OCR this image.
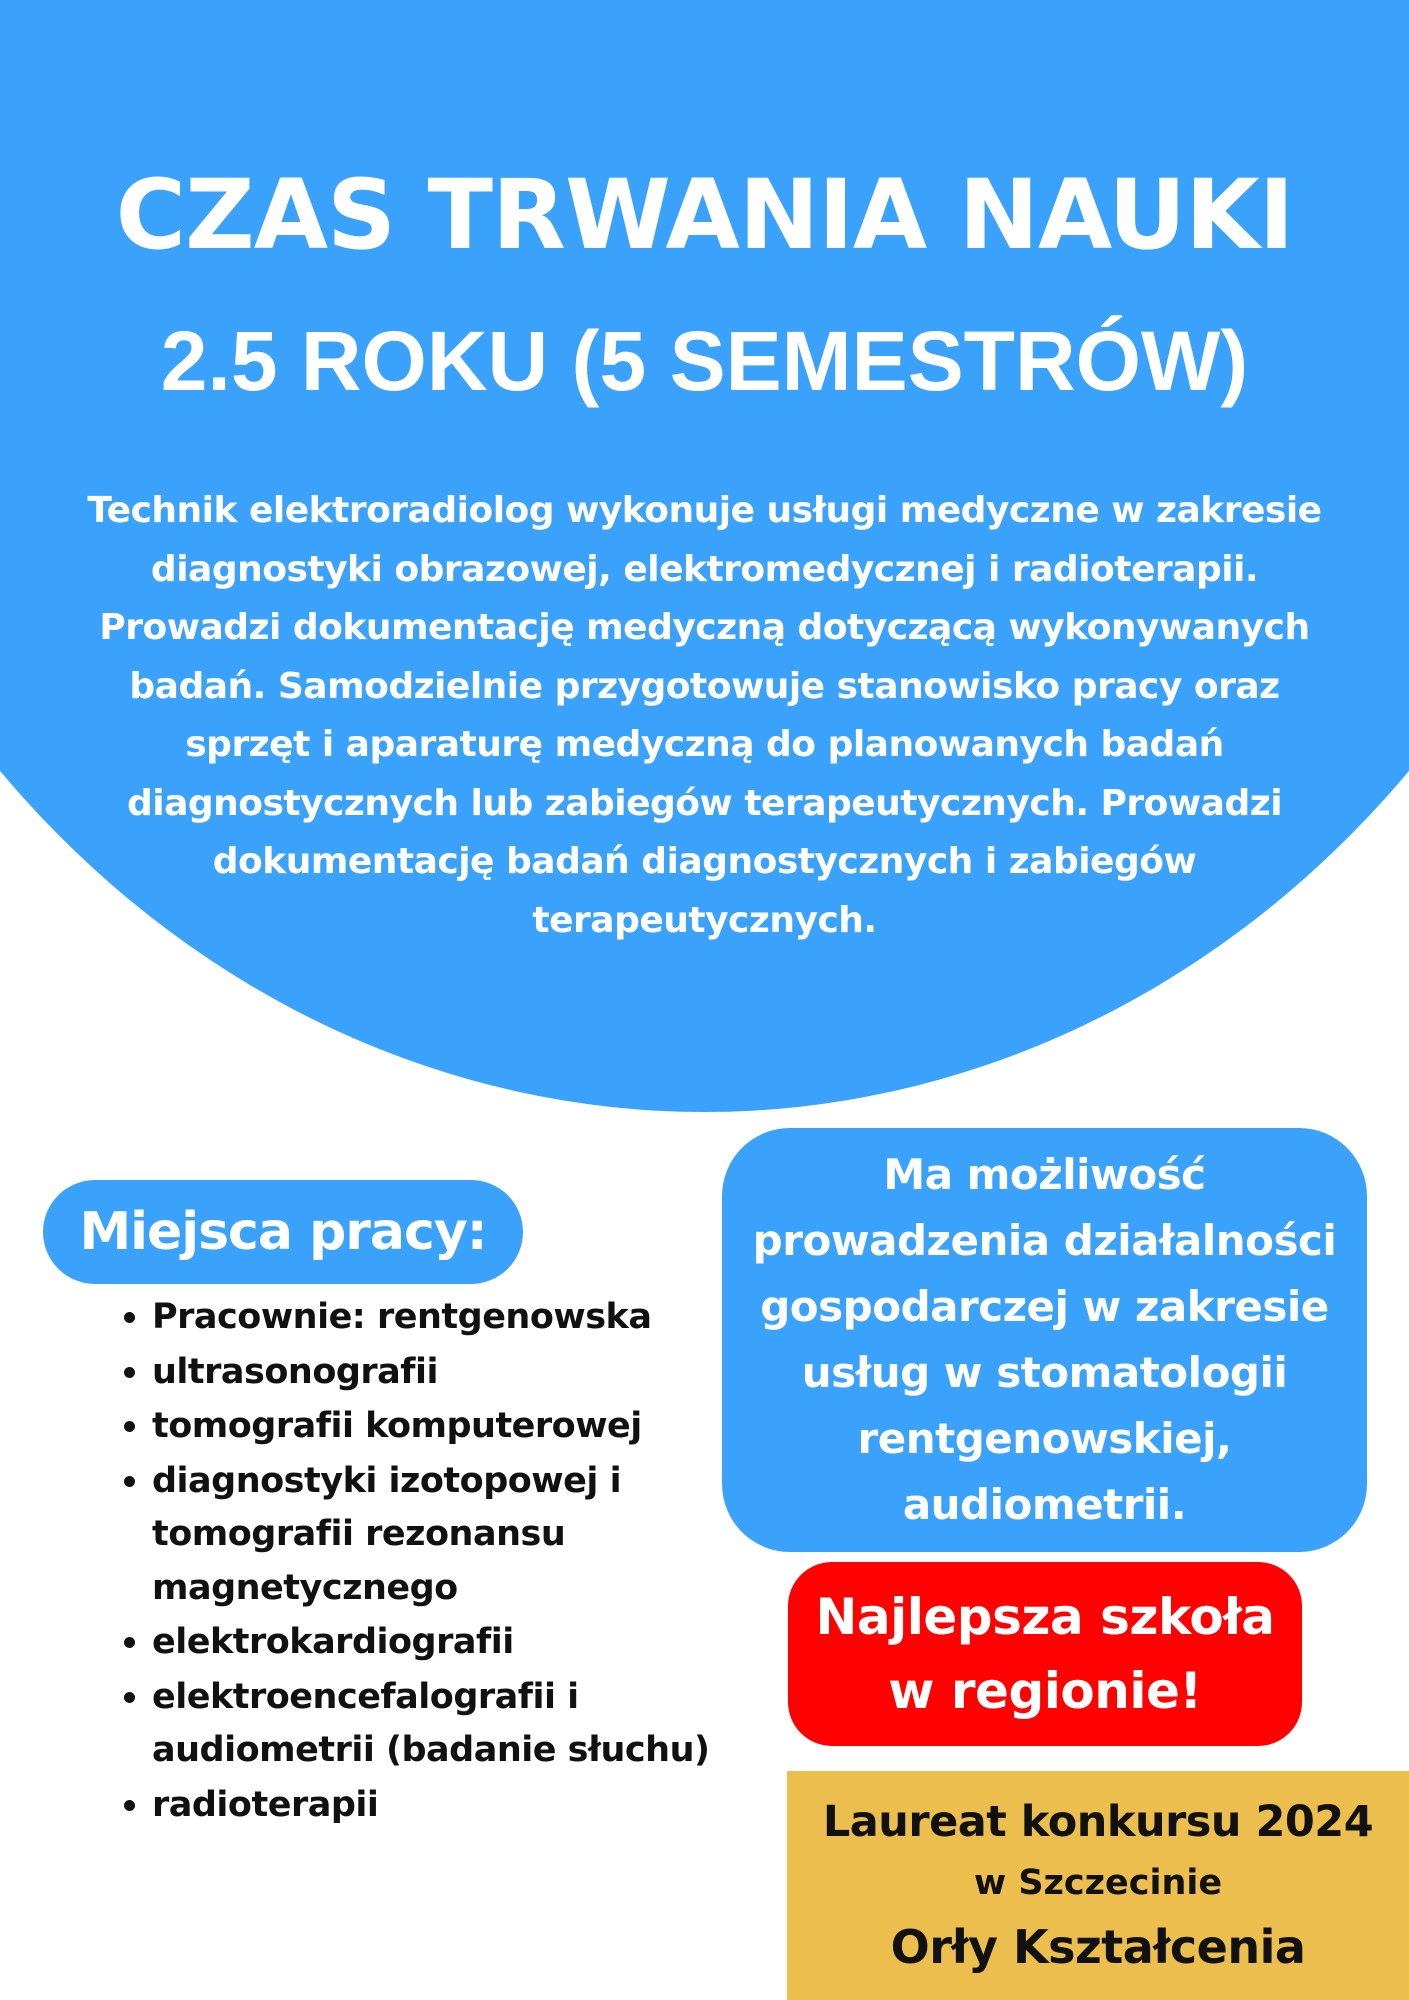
CZAS TRWANIA NAUKI
2.5 ROKU (5 SEMESTRÓW)

Technik elektroradiolog wykonuje usługi medyczne w zakresie diagnostyki obrazowej, elektromedycznej i radioterapii. Prowadzi dokumentację medyczną dotyczącą wykonywanych badań. Samodzielnie przygotowuje stanowisko pracy oraz sprzęt i aparaturę medyczną do planowanych badań diagnostycznych lub zabiegów terapeutycznych. Prowadzi dokumentację badań diagnostycznych i zabiegów terapeutycznych.

Miejsca pracy:
• Pracownie: rentgenowska
• ultrasonografii
• tomografii komputerowej
• diagnostyki izotopowej i tomografii rezonansu magnetycznego
• elektrokardiografii
• elektroencefalografii i audiometrii (badanie słuchu)
• radioterapii

Ma możliwość prowadzenia działalności gospodarczej w zakresie usług w stomatologii rentgenowskiej, audiometrii.

Najlepsza szkoła
w regionie!
Laureat konkursu 2024
w Szczecinie
Orły Kształcenia
